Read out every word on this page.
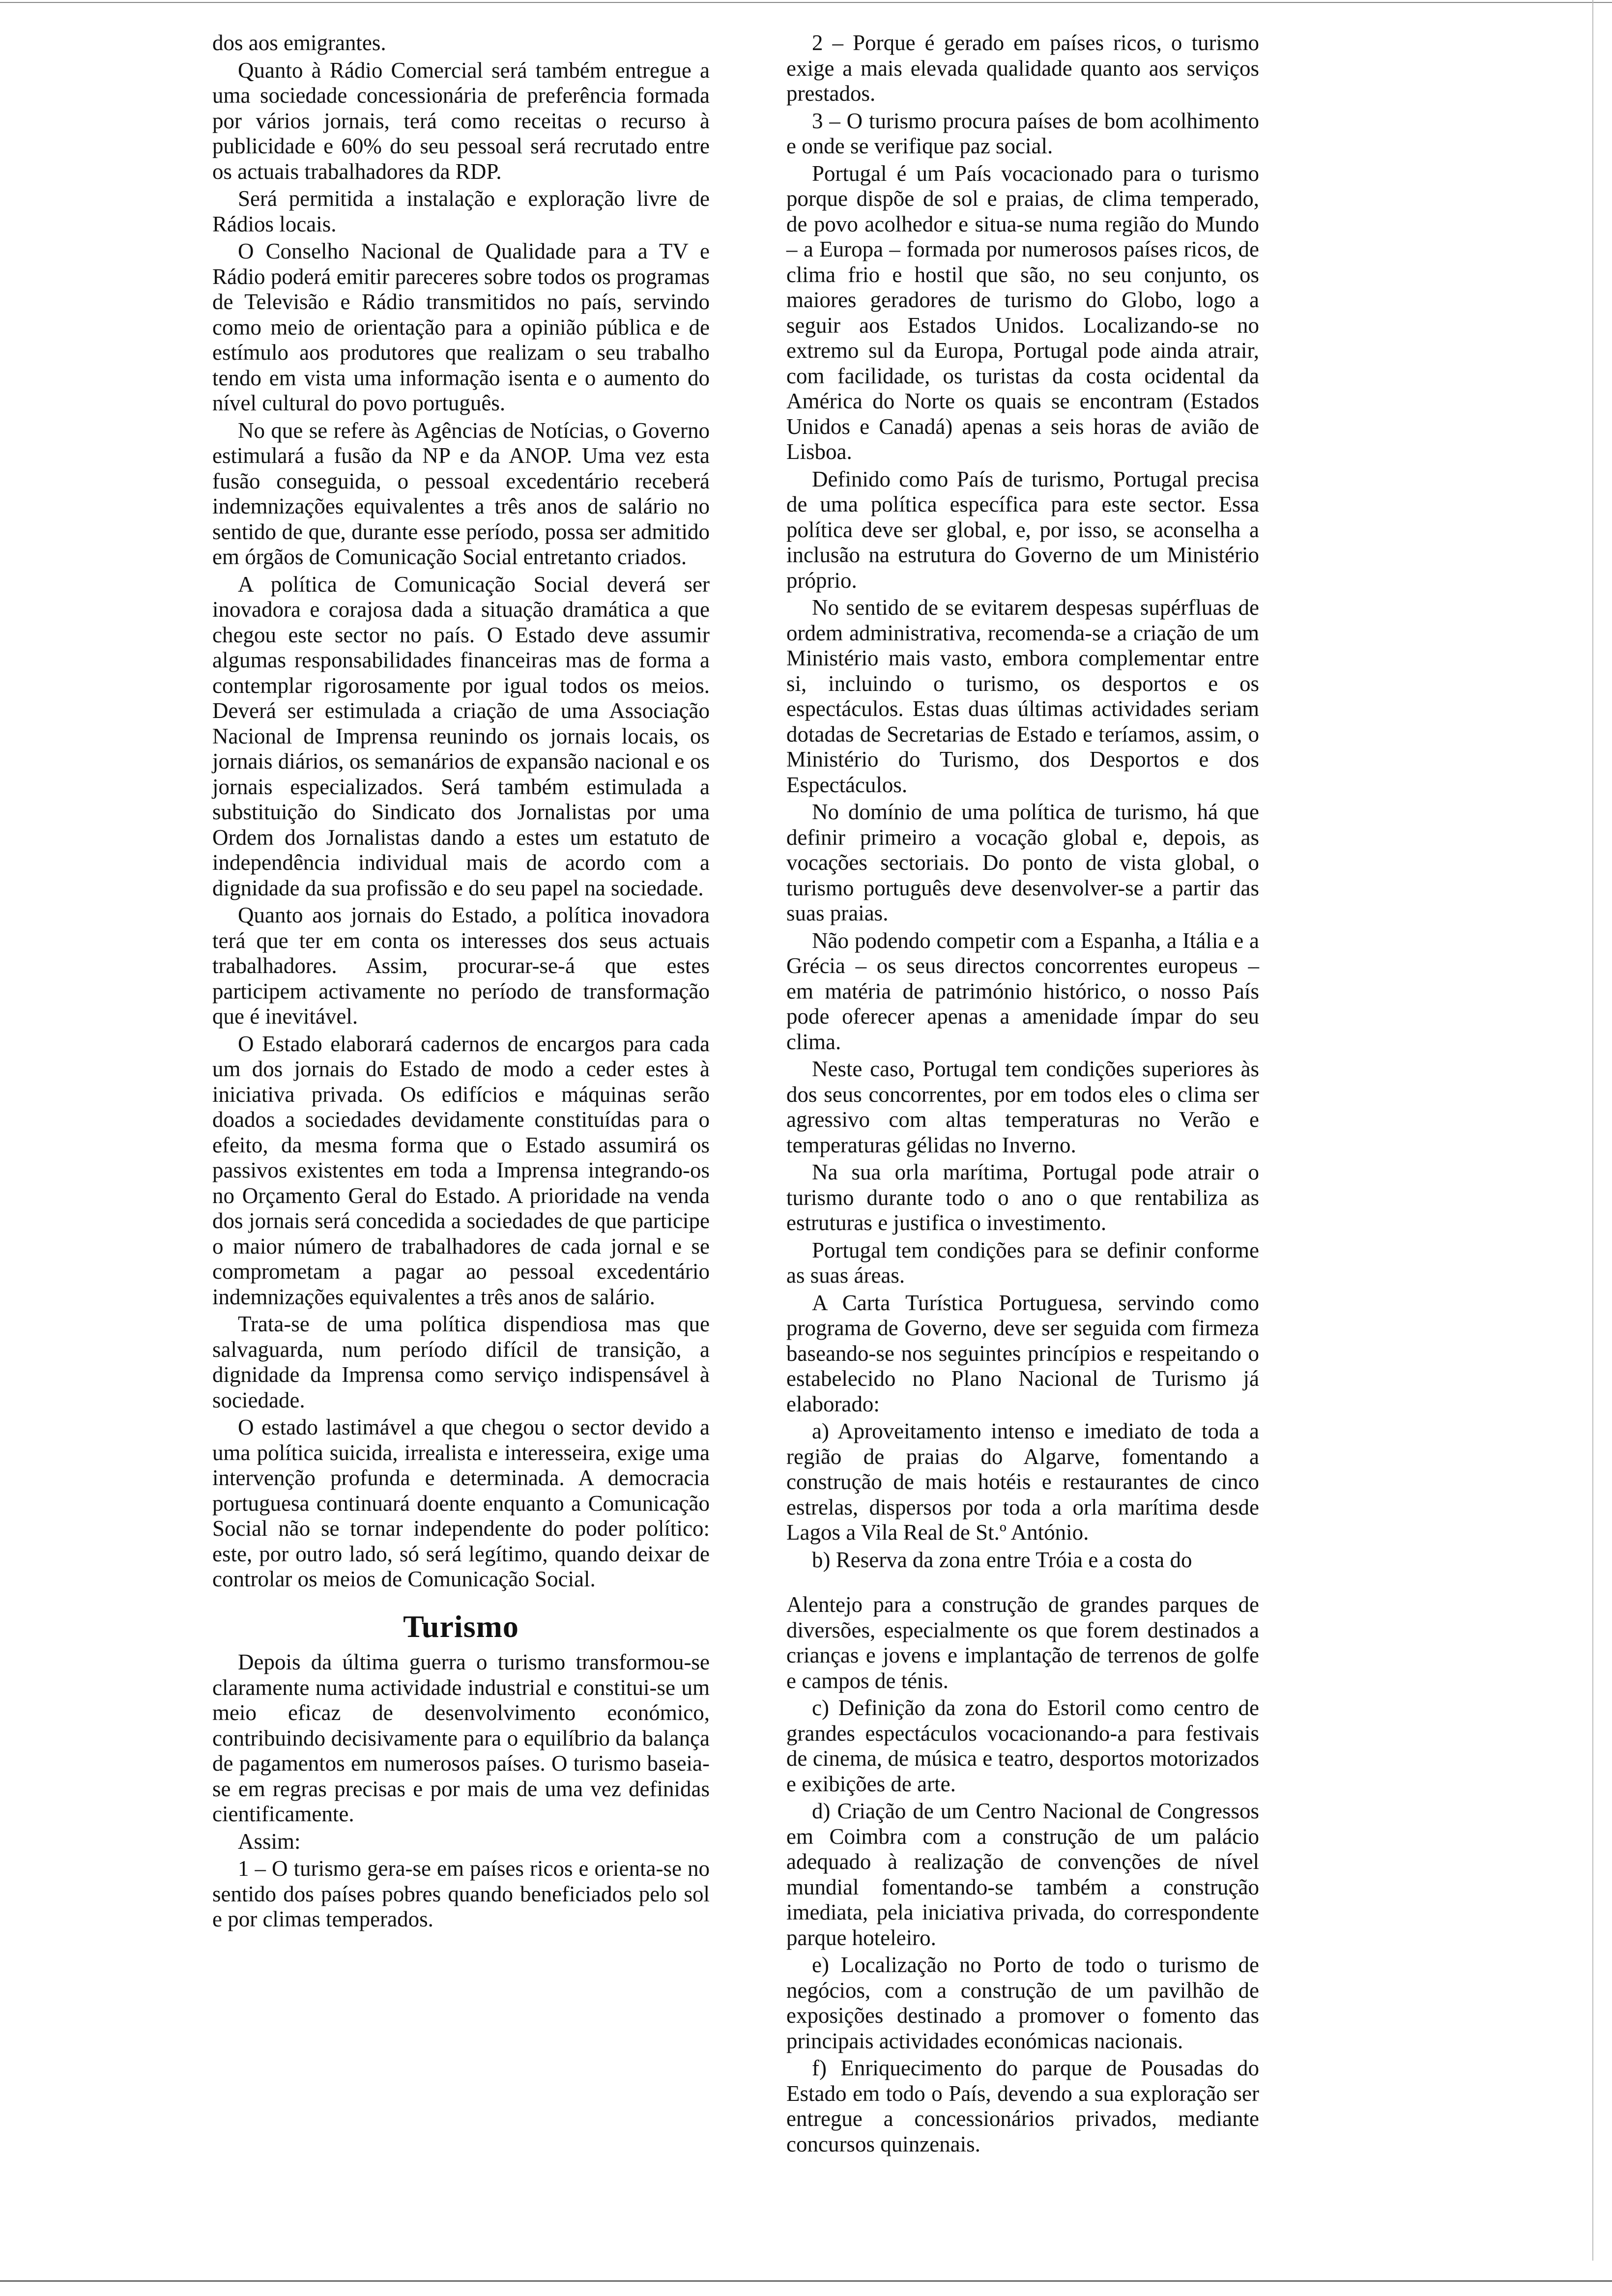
dos aos emigrantes.

Quanto à Rádio Comercial será também entregue a uma sociedade concessionária de preferência formada por vários jornais, terá como receitas o recurso à publicidade e 60% do seu pessoal será recrutado entre os actuais trabalhadores da RDP.

Será permitida a instalação e exploração livre de Rádios locais.

O Conselho Nacional de Qualidade para a TV e Rádio poderá emitir pareceres sobre todos os programas de Televisão e Rádio transmitidos no país, servindo como meio de orientação para a opinião pública e de estímulo aos produtores que realizam o seu trabalho tendo em vista uma informação isenta e o aumento do nível cultural do povo português.

No que se refere às Agências de Notícias, o Governo estimulará a fusão da NP e da ANOP. Uma vez esta fusão conseguida, o pessoal excedentário receberá indemnizações equivalentes a três anos de salário no sentido de que, durante esse período, possa ser admitido em órgãos de Comunicação Social entretanto criados.

A política de Comunicação Social deverá ser inovadora e corajosa dada a situação dramática a que chegou este sector no país. O Estado deve assumir algumas responsabilidades financeiras mas de forma a contemplar rigorosamente por igual todos os meios. Deverá ser estimulada a criação de uma Associação Nacional de Imprensa reunindo os jornais locais, os jornais diários, os semanários de expansão nacional e os jornais especializados. Será também estimulada a substituição do Sindicato dos Jornalistas por uma Ordem dos Jornalistas dando a estes um estatuto de independência individual mais de acordo com a dignidade da sua profissão e do seu papel na sociedade.

Quanto aos jornais do Estado, a política inovadora terá que ter em conta os interesses dos seus actuais trabalhadores. Assim, procurar-se-á que estes participem activamente no período de transformação que é inevitável.

O Estado elaborará cadernos de encargos para cada um dos jornais do Estado de modo a ceder estes à iniciativa privada. Os edifícios e máquinas serão doados a sociedades devidamente constituídas para o efeito, da mesma forma que o Estado assumirá os passivos existentes em toda a Imprensa integrando-os no Orçamento Geral do Estado. A prioridade na venda dos jornais será concedida a sociedades de que participe o maior número de trabalhadores de cada jornal e se comprometam a pagar ao pessoal excedentário indemnizações equivalentes a três anos de salário.

Trata-se de uma política dispendiosa mas que salvaguarda, num período difícil de transição, a dignidade da Imprensa como serviço indispensável à sociedade.

O estado lastimável a que chegou o sector devido a uma política suicida, irrealista e interesseira, exige uma intervenção profunda e determinada. A democracia portuguesa continuará doente enquanto a Comunicação Social não se tornar independente do poder político: este, por outro lado, só será legítimo, quando deixar de controlar os meios de Comunicação Social.

Turismo

Depois da última guerra o turismo transformou-se claramente numa actividade industrial e constitui-se um meio eficaz de desenvolvimento económico, contribuindo decisivamente para o equilíbrio da balança de pagamentos em numerosos países. O turismo baseia-se em regras precisas e por mais de uma vez definidas cientificamente.

Assim:

1 – O turismo gera-se em países ricos e orienta-se no sentido dos países pobres quando beneficiados pelo sol e por climas temperados.

2 – Porque é gerado em países ricos, o turismo exige a mais elevada qualidade quanto aos serviços prestados.

3 – O turismo procura países de bom acolhimento e onde se verifique paz social.

Portugal é um País vocacionado para o turismo porque dispõe de sol e praias, de clima temperado, de povo acolhedor e situa-se numa região do Mundo – a Europa – formada por numerosos países ricos, de clima frio e hostil que são, no seu conjunto, os maiores geradores de turismo do Globo, logo a seguir aos Estados Unidos. Localizando-se no extremo sul da Europa, Portugal pode ainda atrair, com facilidade, os turistas da costa ocidental da América do Norte os quais se encontram (Estados Unidos e Canadá) apenas a seis horas de avião de Lisboa.

Definido como País de turismo, Portugal precisa de uma política específica para este sector. Essa política deve ser global, e, por isso, se aconselha a inclusão na estrutura do Governo de um Ministério próprio.

No sentido de se evitarem despesas supérfluas de ordem administrativa, recomenda-se a criação de um Ministério mais vasto, embora complementar entre si, incluindo o turismo, os desportos e os espectáculos. Estas duas últimas actividades seriam dotadas de Secretarias de Estado e teríamos, assim, o Ministério do Turismo, dos Desportos e dos Espectáculos.

No domínio de uma política de turismo, há que definir primeiro a vocação global e, depois, as vocações sectoriais. Do ponto de vista global, o turismo português deve desenvolver-se a partir das suas praias.

Não podendo competir com a Espanha, a Itália e a Grécia – os seus directos concorrentes europeus – em matéria de património histórico, o nosso País pode oferecer apenas a amenidade ímpar do seu clima.

Neste caso, Portugal tem condições superiores às dos seus concorrentes, por em todos eles o clima ser agressivo com altas temperaturas no Verão e temperaturas gélidas no Inverno.

Na sua orla marítima, Portugal pode atrair o turismo durante todo o ano o que rentabiliza as estruturas e justifica o investimento.

Portugal tem condições para se definir conforme as suas áreas.

A Carta Turística Portuguesa, servindo como programa de Governo, deve ser seguida com firmeza baseando-se nos seguintes princípios e respeitando o estabelecido no Plano Nacional de Turismo já elaborado:

a) Aproveitamento intenso e imediato de toda a região de praias do Algarve, fomentando a construção de mais hotéis e restaurantes de cinco estrelas, dispersos por toda a orla marítima desde Lagos a Vila Real de St.º António.

b) Reserva da zona entre Tróia e a costa do

Alentejo para a construção de grandes parques de diversões, especialmente os que forem destinados a crianças e jovens e implantação de terrenos de golfe e campos de ténis.

c) Definição da zona do Estoril como centro de grandes espectáculos vocacionando-a para festivais de cinema, de música e teatro, desportos motorizados e exibições de arte.

d) Criação de um Centro Nacional de Congressos em Coimbra com a construção de um palácio adequado à realização de convenções de nível mundial fomentando-se também a construção imediata, pela iniciativa privada, do correspondente parque hoteleiro.

e) Localização no Porto de todo o turismo de negócios, com a construção de um pavilhão de exposições destinado a promover o fomento das principais actividades económicas nacionais.

f) Enriquecimento do parque de Pousadas do Estado em todo o País, devendo a sua exploração ser entregue a concessionários privados, mediante concursos quinzenais.
